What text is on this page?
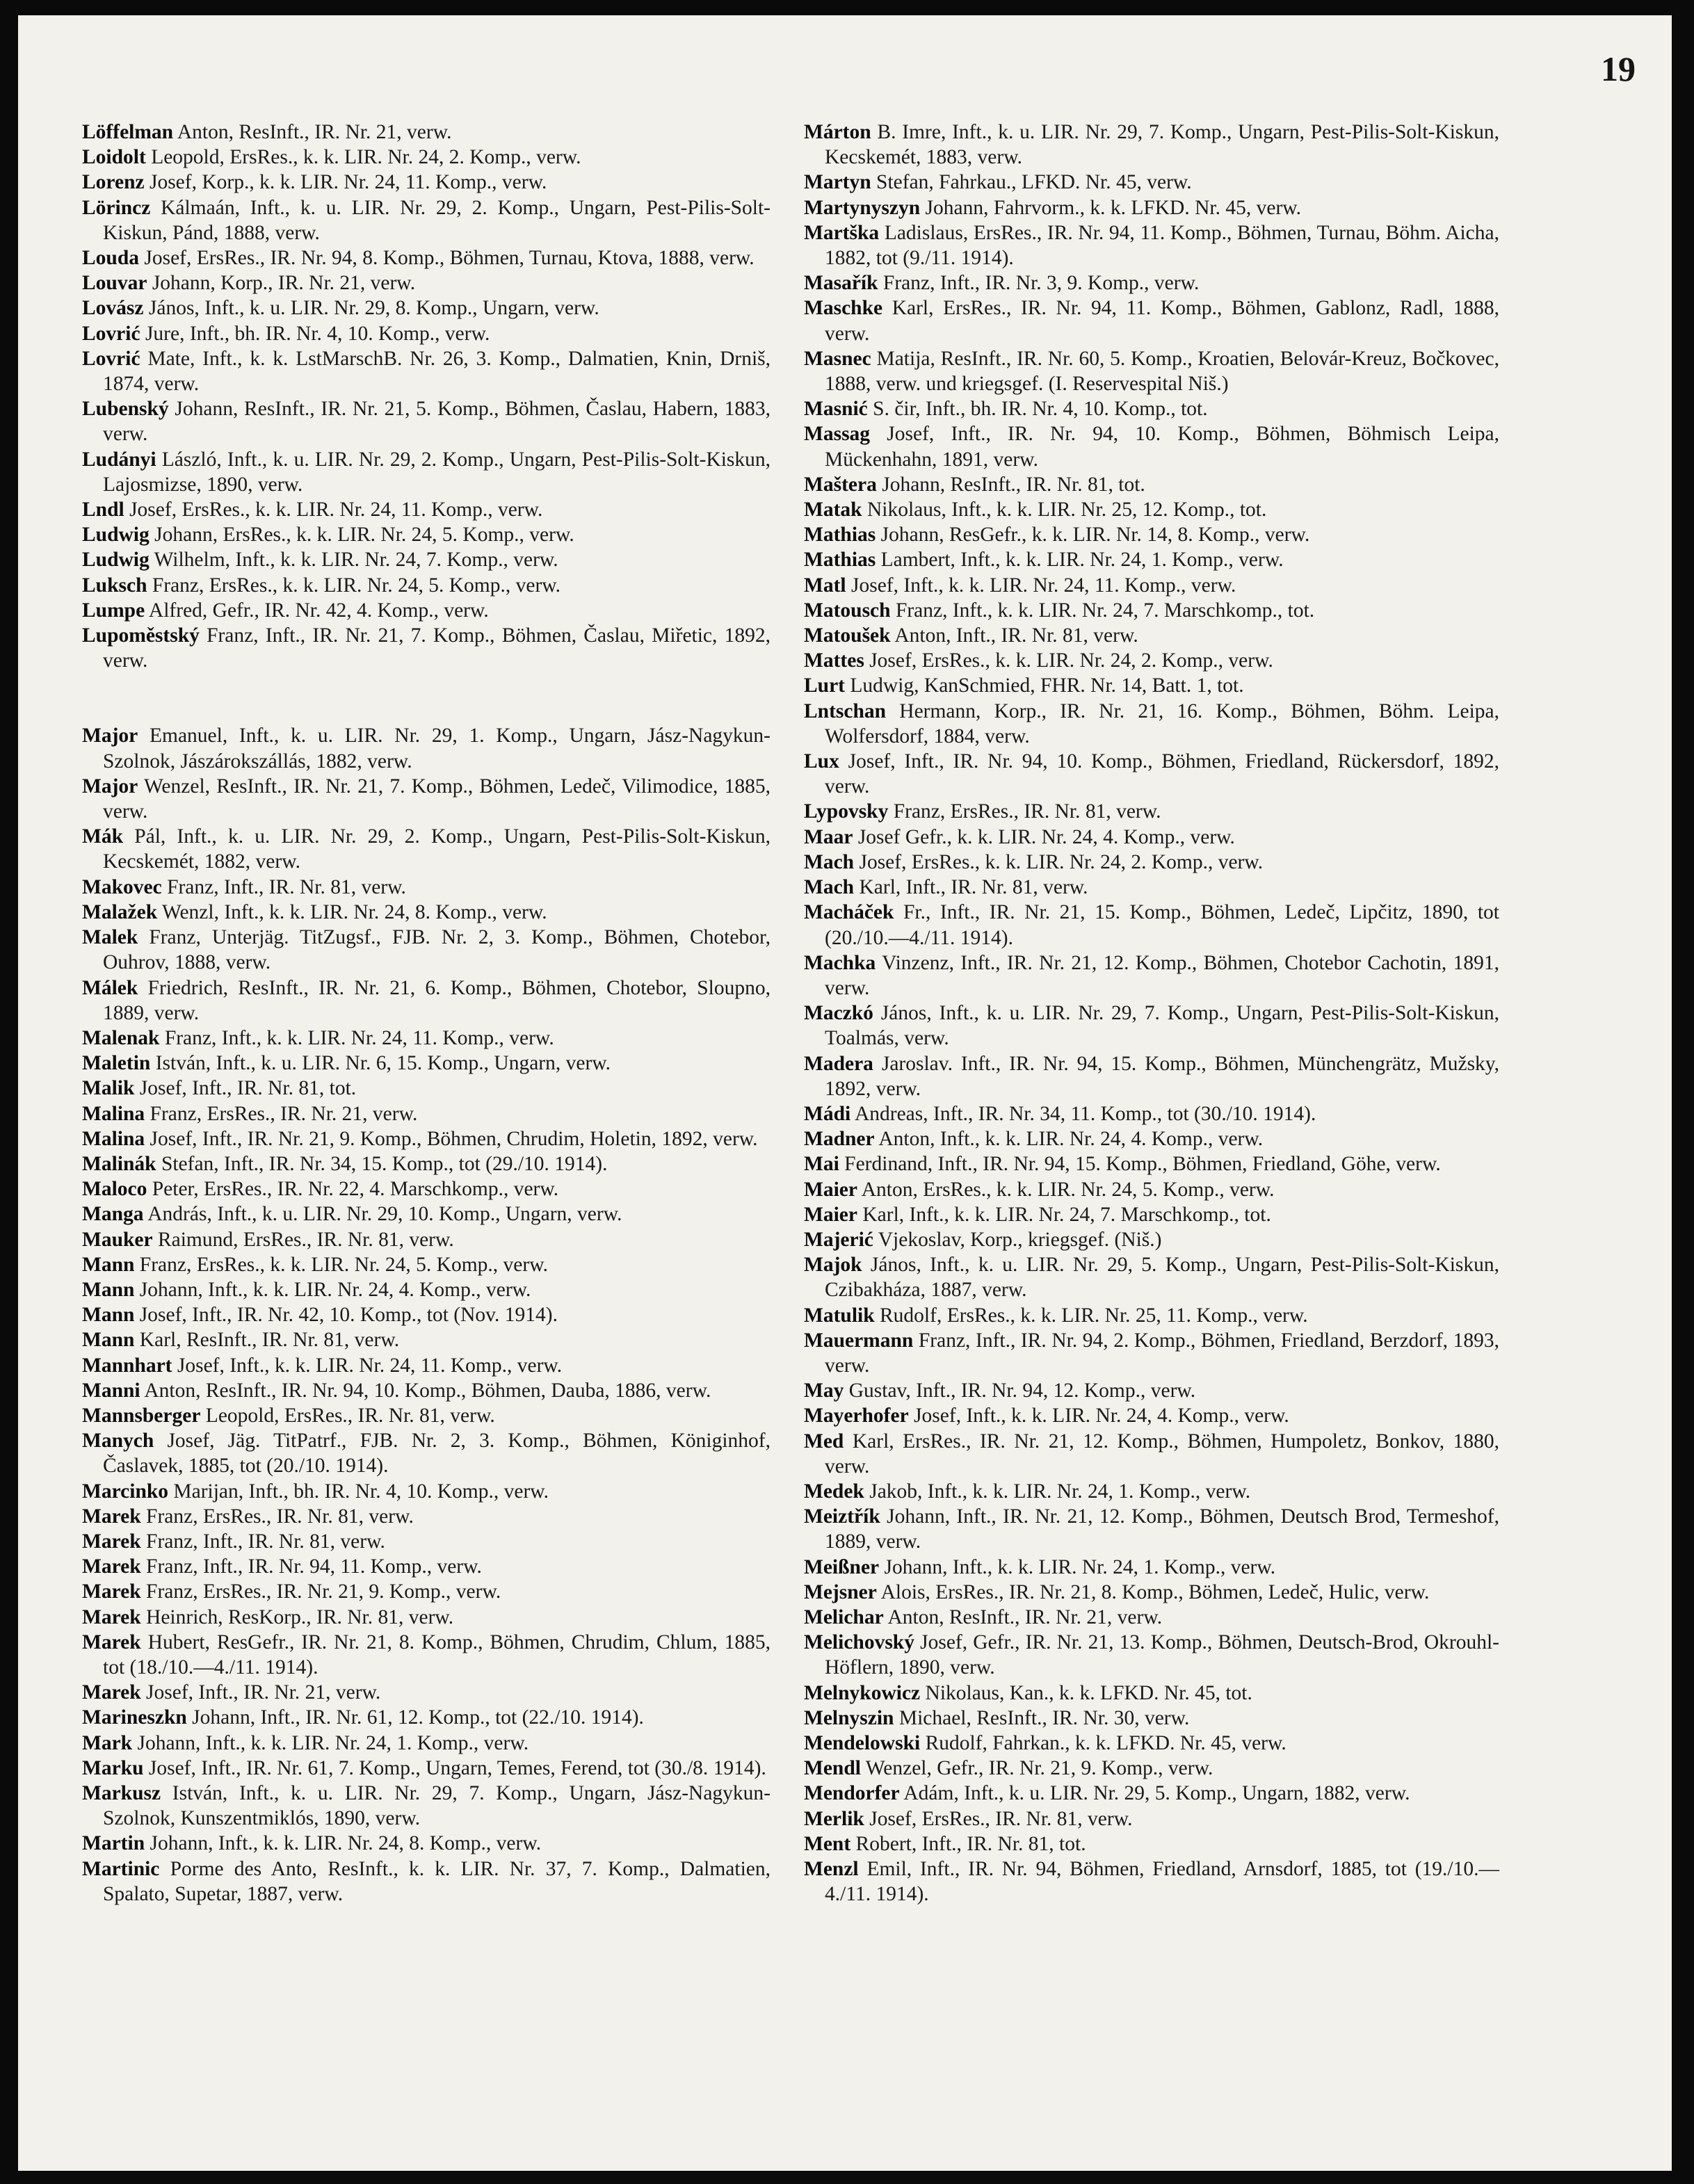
19

Löffelman Anton, ResInft., IR. Nr. 21, verw.

Loidolt Leopold, ErsRes., k. k. LIR. Nr. 24, 2. Komp., verw.

Lorenz Josef, Korp., k. k. LIR. Nr. 24, 11. Komp., verw.

Lörincz Kálmaán, Inft., k. u. LIR. Nr. 29, 2. Komp., Ungarn, Pest-Pilis-Solt-Kiskun, Pánd, 1888, verw.

Louda Josef, ErsRes., IR. Nr. 94, 8. Komp., Böhmen, Turnau, Ktova, 1888, verw.

Louvar Johann, Korp., IR. Nr. 21, verw.

Lovász János, Inft., k. u. LIR. Nr. 29, 8. Komp., Ungarn, verw.

Lovrić Jure, Inft., bh. IR. Nr. 4, 10. Komp., verw.

Lovrić Mate, Inft., k. k. LstMarschB. Nr. 26, 3. Komp., Dalmatien, Knin, Drniš, 1874, verw.

Lubenský Johann, ResInft., IR. Nr. 21, 5. Komp., Böhmen, Časlau, Habern, 1883, verw.

Ludányi László, Inft., k. u. LIR. Nr. 29, 2. Komp., Ungarn, Pest-Pilis-Solt-Kiskun, Lajosmizse, 1890, verw.

Lndl Josef, ErsRes., k. k. LIR. Nr. 24, 11. Komp., verw.

Ludwig Johann, ErsRes., k. k. LIR. Nr. 24, 5. Komp., verw.

Ludwig Wilhelm, Inft., k. k. LIR. Nr. 24, 7. Komp., verw.

Luksch Franz, ErsRes., k. k. LIR. Nr. 24, 5. Komp., verw.

Lumpe Alfred, Gefr., IR. Nr. 42, 4. Komp., verw.

Lupoměstský Franz, Inft., IR. Nr. 21, 7. Komp., Böhmen, Časlau, Miřetic, 1892, verw.

Major Emanuel, Inft., k. u. LIR. Nr. 29, 1. Komp., Ungarn, Jász-Nagykun-Szolnok, Jászárokszállás, 1882, verw.

Major Wenzel, ResInft., IR. Nr. 21, 7. Komp., Böhmen, Ledeč, Vilimodice, 1885, verw.

Mák Pál, Inft., k. u. LIR. Nr. 29, 2. Komp., Ungarn, Pest-Pilis-Solt-Kiskun, Kecskemét, 1882, verw.

Makovec Franz, Inft., IR. Nr. 81, verw.

Malažek Wenzl, Inft., k. k. LIR. Nr. 24, 8. Komp., verw.

Malek Franz, Unterjäg. TitZugsf., FJB. Nr. 2, 3. Komp., Böhmen, Chotebor, Ouhrov, 1888, verw.

Málek Friedrich, ResInft., IR. Nr. 21, 6. Komp., Böhmen, Chotebor, Sloupno, 1889, verw.

Malenak Franz, Inft., k. k. LIR. Nr. 24, 11. Komp., verw.

Maletin István, Inft., k. u. LIR. Nr. 6, 15. Komp., Ungarn, verw.

Malik Josef, Inft., IR. Nr. 81, tot.

Malina Franz, ErsRes., IR. Nr. 21, verw.

Malina Josef, Inft., IR. Nr. 21, 9. Komp., Böhmen, Chrudim, Holetin, 1892, verw.

Malinák Stefan, Inft., IR. Nr. 34, 15. Komp., tot (29./10. 1914).

Maloco Peter, ErsRes., IR. Nr. 22, 4. Marschkomp., verw.

Manga András, Inft., k. u. LIR. Nr. 29, 10. Komp., Ungarn, verw.

Mauker Raimund, ErsRes., IR. Nr. 81, verw.

Mann Franz, ErsRes., k. k. LIR. Nr. 24, 5. Komp., verw.

Mann Johann, Inft., k. k. LIR. Nr. 24, 4. Komp., verw.

Mann Josef, Inft., IR. Nr. 42, 10. Komp., tot (Nov. 1914).

Mann Karl, ResInft., IR. Nr. 81, verw.

Mannhart Josef, Inft., k. k. LIR. Nr. 24, 11. Komp., verw.

Manni Anton, ResInft., IR. Nr. 94, 10. Komp., Böhmen, Dauba, 1886, verw.

Mannsberger Leopold, ErsRes., IR. Nr. 81, verw.

Manych Josef, Jäg. TitPatrf., FJB. Nr. 2, 3. Komp., Böhmen, Königinhof, Časlavek, 1885, tot (20./10. 1914).

Marcinko Marijan, Inft., bh. IR. Nr. 4, 10. Komp., verw.

Marek Franz, ErsRes., IR. Nr. 81, verw.

Marek Franz, Inft., IR. Nr. 81, verw.

Marek Franz, Inft., IR. Nr. 94, 11. Komp., verw.

Marek Franz, ErsRes., IR. Nr. 21, 9. Komp., verw.

Marek Heinrich, ResKorp., IR. Nr. 81, verw.

Marek Hubert, ResGefr., IR. Nr. 21, 8. Komp., Böhmen, Chrudim, Chlum, 1885, tot (18./10.—4./11. 1914).

Marek Josef, Inft., IR. Nr. 21, verw.

Marineszkn Johann, Inft., IR. Nr. 61, 12. Komp., tot (22./10. 1914).

Mark Johann, Inft., k. k. LIR. Nr. 24, 1. Komp., verw.

Marku Josef, Inft., IR. Nr. 61, 7. Komp., Ungarn, Temes, Ferend, tot (30./8. 1914).

Markusz István, Inft., k. u. LIR. Nr. 29, 7. Komp., Ungarn, Jász-Nagykun-Szolnok, Kunszentmiklós, 1890, verw.

Martin Johann, Inft., k. k. LIR. Nr. 24, 8. Komp., verw.

Martinic Porme des Anto, ResInft., k. k. LIR. Nr. 37, 7. Komp., Dalmatien, Spalato, Supetar, 1887, verw.

Márton B. Imre, Inft., k. u. LIR. Nr. 29, 7. Komp., Ungarn, Pest-Pilis-Solt-Kiskun, Kecskemét, 1883, verw.

Martyn Stefan, Fahrkau., LFKD. Nr. 45, verw.

Martynyszyn Johann, Fahrvorm., k. k. LFKD. Nr. 45, verw.

Martška Ladislaus, ErsRes., IR. Nr. 94, 11. Komp., Böhmen, Turnau, Böhm. Aicha, 1882, tot (9./11. 1914).

Masařík Franz, Inft., IR. Nr. 3, 9. Komp., verw.

Maschke Karl, ErsRes., IR. Nr. 94, 11. Komp., Böhmen, Gablonz, Radl, 1888, verw.

Masnec Matija, ResInft., IR. Nr. 60, 5. Komp., Kroatien, Belovár-Kreuz, Bočkovec, 1888, verw. und kriegsgef. (I. Reservespital Niš.)

Masnić S. čir, Inft., bh. IR. Nr. 4, 10. Komp., tot.

Massag Josef, Inft., IR. Nr. 94, 10. Komp., Böhmen, Böhmisch Leipa, Mückenhahn, 1891, verw.

Maštera Johann, ResInft., IR. Nr. 81, tot.

Matak Nikolaus, Inft., k. k. LIR. Nr. 25, 12. Komp., tot.

Mathias Johann, ResGefr., k. k. LIR. Nr. 14, 8. Komp., verw.

Mathias Lambert, Inft., k. k. LIR. Nr. 24, 1. Komp., verw.

Matl Josef, Inft., k. k. LIR. Nr. 24, 11. Komp., verw.

Matousch Franz, Inft., k. k. LIR. Nr. 24, 7. Marschkomp., tot.

Matoušek Anton, Inft., IR. Nr. 81, verw.

Mattes Josef, ErsRes., k. k. LIR. Nr. 24, 2. Komp., verw.

Lurt Ludwig, KanSchmied, FHR. Nr. 14, Batt. 1, tot.

Lntschan Hermann, Korp., IR. Nr. 21, 16. Komp., Böhmen, Böhm. Leipa, Wolfersdorf, 1884, verw.

Lux Josef, Inft., IR. Nr. 94, 10. Komp., Böhmen, Friedland, Rückersdorf, 1892, verw.

Lypovsky Franz, ErsRes., IR. Nr. 81, verw.

Maar Josef Gefr., k. k. LIR. Nr. 24, 4. Komp., verw.

Mach Josef, ErsRes., k. k. LIR. Nr. 24, 2. Komp., verw.

Mach Karl, Inft., IR. Nr. 81, verw.

Macháček Fr., Inft., IR. Nr. 21, 15. Komp., Böhmen, Ledeč, Lipčitz, 1890, tot (20./10.—4./11. 1914).

Machka Vinzenz, Inft., IR. Nr. 21, 12. Komp., Böhmen, Chotebor Cachotin, 1891, verw.

Maczkó János, Inft., k. u. LIR. Nr. 29, 7. Komp., Ungarn, Pest-Pilis-Solt-Kiskun, Toalmás, verw.

Madera Jaroslav. Inft., IR. Nr. 94, 15. Komp., Böhmen, Münchengrätz, Mužsky, 1892, verw.

Mádi Andreas, Inft., IR. Nr. 34, 11. Komp., tot (30./10. 1914).

Madner Anton, Inft., k. k. LIR. Nr. 24, 4. Komp., verw.

Mai Ferdinand, Inft., IR. Nr. 94, 15. Komp., Böhmen, Friedland, Göhe, verw.

Maier Anton, ErsRes., k. k. LIR. Nr. 24, 5. Komp., verw.

Maier Karl, Inft., k. k. LIR. Nr. 24, 7. Marschkomp., tot.

Majerić Vjekoslav, Korp., kriegsgef. (Niš.)

Majok János, Inft., k. u. LIR. Nr. 29, 5. Komp., Ungarn, Pest-Pilis-Solt-Kiskun, Czibakháza, 1887, verw.

Matulik Rudolf, ErsRes., k. k. LIR. Nr. 25, 11. Komp., verw.

Mauermann Franz, Inft., IR. Nr. 94, 2. Komp., Böhmen, Friedland, Berzdorf, 1893, verw.

May Gustav, Inft., IR. Nr. 94, 12. Komp., verw.

Mayerhofer Josef, Inft., k. k. LIR. Nr. 24, 4. Komp., verw.

Med Karl, ErsRes., IR. Nr. 21, 12. Komp., Böhmen, Humpoletz, Bonkov, 1880, verw.

Medek Jakob, Inft., k. k. LIR. Nr. 24, 1. Komp., verw.

Meiztřík Johann, Inft., IR. Nr. 21, 12. Komp., Böhmen, Deutsch Brod, Termeshof, 1889, verw.

Meißner Johann, Inft., k. k. LIR. Nr. 24, 1. Komp., verw.

Mejsner Alois, ErsRes., IR. Nr. 21, 8. Komp., Böhmen, Ledeč, Hulic, verw.

Melichar Anton, ResInft., IR. Nr. 21, verw.

Melichovský Josef, Gefr., IR. Nr. 21, 13. Komp., Böhmen, Deutsch-Brod, Okrouhl-Höflern, 1890, verw.

Melnykowicz Nikolaus, Kan., k. k. LFKD. Nr. 45, tot.

Melnyszin Michael, ResInft., IR. Nr. 30, verw.

Mendelowski Rudolf, Fahrkan., k. k. LFKD. Nr. 45, verw.

Mendl Wenzel, Gefr., IR. Nr. 21, 9. Komp., verw.

Mendorfer Adám, Inft., k. u. LIR. Nr. 29, 5. Komp., Ungarn, 1882, verw.

Merlik Josef, ErsRes., IR. Nr. 81, verw.

Ment Robert, Inft., IR. Nr. 81, tot.

Menzl Emil, Inft., IR. Nr. 94, Böhmen, Friedland, Arnsdorf, 1885, tot (19./10.—4./11. 1914).
